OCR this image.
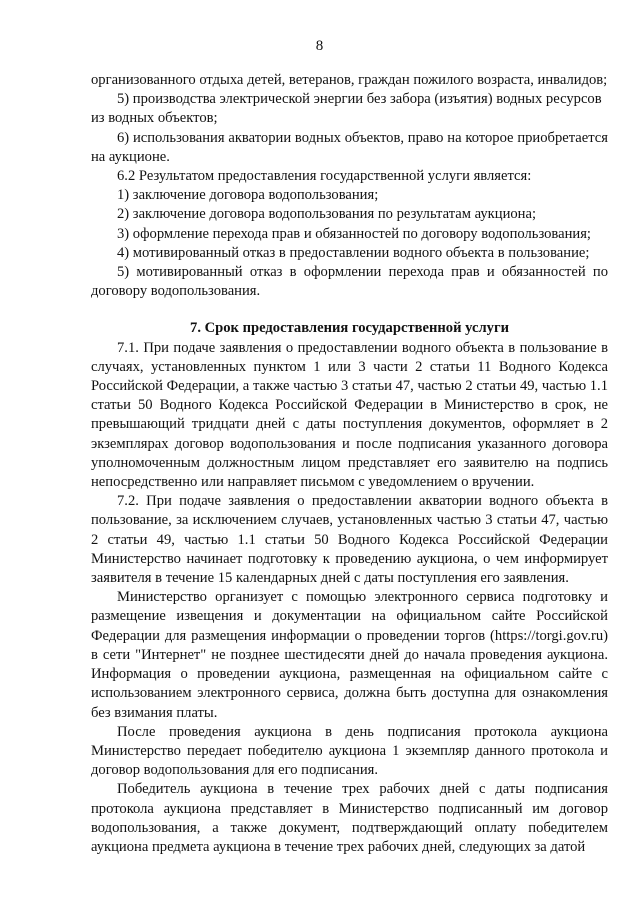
8

организованного отдыха детей, ветеранов, граждан пожилого возраста, инвалидов;

5) производства электрической энергии без забора (изъятия) водных ресурсов

из водных объектов;

6) использования акватории водных объектов, право на которое приобретается на аукционе.

6.2 Результатом предоставления государственной услуги является:

1) заключение договора водопользования;

2) заключение договора водопользования по результатам аукциона;

3) оформление перехода прав и обязанностей по договору водопользования;

4) мотивированный отказ в предоставлении водного объекта в пользование;

5) мотивированный отказ в оформлении перехода прав и обязанностей по договору водопользования.

7. Срок предоставления государственной услуги

7.1. При подаче заявления о предоставлении водного объекта в пользование в случаях, установленных пунктом 1 или 3 части 2 статьи 11 Водного Кодекса Российской Федерации, а также частью 3 статьи 47, частью 2 статьи 49, частью 1.1 статьи 50 Водного Кодекса Российской Федерации в Министерство в срок, не превышающий тридцати дней с даты поступления документов, оформляет в 2 экземплярах договор водопользования и после подписания указанного договора уполномоченным должностным лицом представляет его заявителю на подпись непосредственно или направляет письмом с уведомлением о вручении.

7.2. При подаче заявления о предоставлении акватории водного объекта в пользование, за исключением случаев, установленных частью 3 статьи 47, частью 2 статьи 49, частью 1.1 статьи 50 Водного Кодекса Российской Федерации Министерство начинает подготовку к проведению аукциона, о чем информирует заявителя в течение 15 календарных дней с даты поступления его заявления.

Министерство организует с помощью электронного сервиса подготовку и размещение извещения и документации на официальном сайте Российской Федерации для размещения информации о проведении торгов (https://torgi.gov.ru) в сети "Интернет" не позднее шестидесяти дней до начала проведения аукциона. Информация о проведении аукциона, размещенная на официальном сайте с использованием электронного сервиса, должна быть доступна для ознакомления без взимания платы.

После проведения аукциона в день подписания протокола аукциона Министерство передает победителю аукциона 1 экземпляр данного протокола и договор водопользования для его подписания.

Победитель аукциона в течение трех рабочих дней с даты подписания протокола аукциона представляет в Министерство подписанный им договор водопользования, а также документ, подтверждающий оплату победителем аукциона предмета аукциона в течение трех рабочих дней, следующих за датой
